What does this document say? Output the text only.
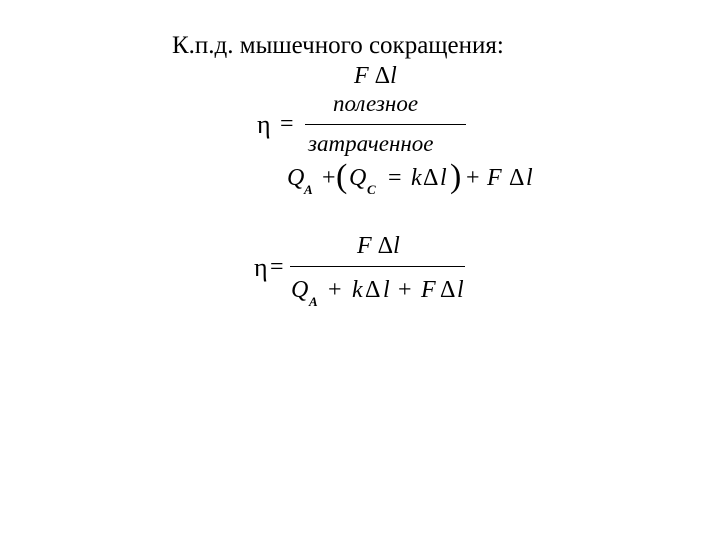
К.п.д. мышечного сокращения:
F Δl
η =
полезное
затраченное
Q A + ( Q C = k Δ l ) + F Δ l
η =
F Δl
Q A + k Δ l + F Δ l
